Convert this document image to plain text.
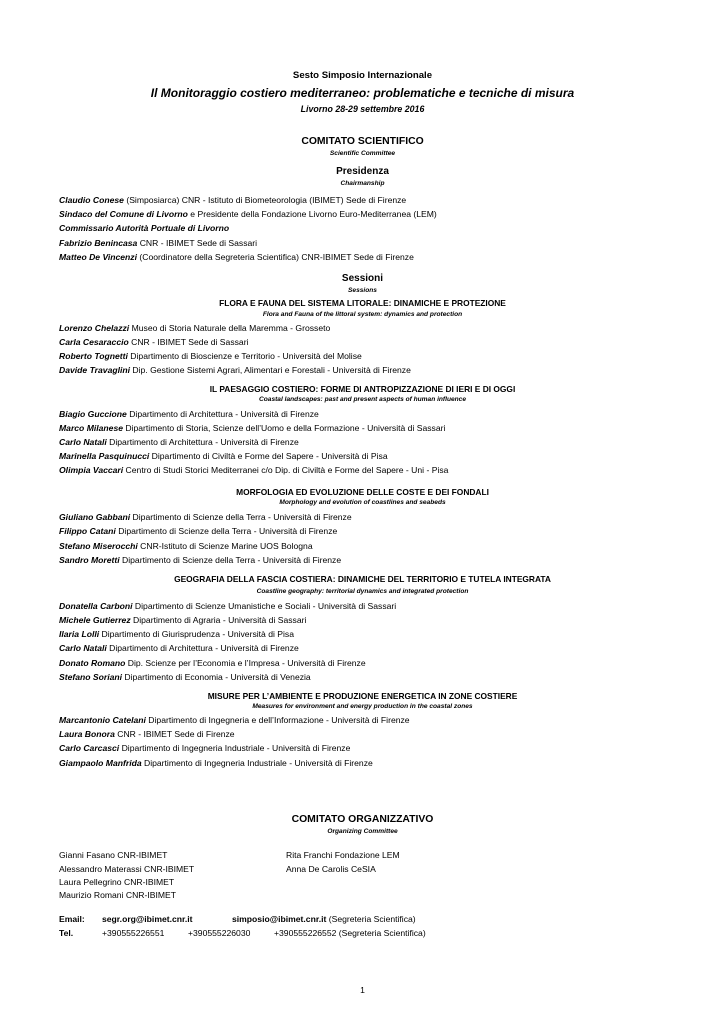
Sesto Simposio Internazionale
Il Monitoraggio costiero mediterraneo: problematiche e tecniche di misura
Livorno 28-29 settembre 2016
COMITATO SCIENTIFICO
Scientific Committee
Presidenza
Chairmanship
Claudio Conese (Simposiarca) CNR - Istituto di Biometeorologia (IBIMET) Sede di Firenze
Sindaco del Comune di Livorno e Presidente della Fondazione Livorno Euro-Mediterranea (LEM)
Commissario Autorità Portuale di Livorno
Fabrizio Benincasa CNR - IBIMET Sede di Sassari
Matteo De Vincenzi (Coordinatore della Segreteria Scientifica) CNR-IBIMET Sede di Firenze
Sessioni
Sessions
FLORA E FAUNA DEL SISTEMA LITORALE: DINAMICHE E PROTEZIONE
Flora and Fauna of the littoral system: dynamics and protection
Lorenzo Chelazzi Museo di Storia Naturale della Maremma - Grosseto
Carla Cesaraccio CNR - IBIMET Sede di Sassari
Roberto Tognetti Dipartimento di Bioscienze e Territorio - Università del Molise
Davide Travaglini Dip. Gestione Sistemi Agrari, Alimentari e Forestali - Università di Firenze
IL PAESAGGIO COSTIERO: FORME DI ANTROPIZZAZIONE DI IERI E DI OGGI
Coastal landscapes: past and present aspects of human influence
Biagio Guccione Dipartimento di Architettura - Università di Firenze
Marco Milanese Dipartimento di Storia, Scienze dell’Uomo e della Formazione - Università di Sassari
Carlo Natali Dipartimento di Architettura - Università di Firenze
Marinella Pasquinucci Dipartimento di Civiltà e Forme del Sapere - Università di Pisa
Olimpia Vaccari Centro di Studi Storici Mediterranei c/o Dip. di Civiltà e Forme del Sapere - Uni - Pisa
MORFOLOGIA ED EVOLUZIONE DELLE COSTE E DEI FONDALI
Morphology and evolution of coastlines and seabeds
Giuliano Gabbani Dipartimento di Scienze della Terra - Università di Firenze
Filippo Catani Dipartimento di Scienze della Terra - Università di Firenze
Stefano Miserocchi CNR-Istituto di Scienze Marine UOS Bologna
Sandro Moretti Dipartimento di Scienze della Terra - Università di Firenze
GEOGRAFIA DELLA FASCIA COSTIERA: DINAMICHE DEL TERRITORIO E TUTELA INTEGRATA
Coastline geography: territorial dynamics and integrated protection
Donatella Carboni Dipartimento di Scienze Umanistiche e Sociali - Università di Sassari
Michele Gutierrez Dipartimento di Agraria - Università di Sassari
Ilaria Lolli Dipartimento di Giurisprudenza - Università di Pisa
Carlo Natali Dipartimento di Architettura - Università di Firenze
Donato Romano Dip. Scienze per l’Economia e l’Impresa - Università di Firenze
Stefano Soriani Dipartimento di Economia - Università di Venezia
MISURE PER L’AMBIENTE E PRODUZIONE ENERGETICA IN ZONE COSTIERE
Measures for environment and energy production in the coastal zones
Marcantonio Catelani Dipartimento di Ingegneria e dell’Informazione - Università di Firenze
Laura Bonora CNR - IBIMET Sede di Firenze
Carlo Carcasci Dipartimento di Ingegneria Industriale - Università di Firenze
Giampaolo Manfrida Dipartimento di Ingegneria Industriale - Università di Firenze
COMITATO ORGANIZZATIVO
Organizing Committee
Gianni Fasano CNR-IBIMET
Alessandro Materassi CNR-IBIMET
Laura Pellegrino CNR-IBIMET
Maurizio Romani CNR-IBIMET
Rita Franchi Fondazione LEM
Anna De Carolis CeSIA
Email: segr.org@ibimet.cnr.it	simposio@ibimet.cnr.it (Segreteria Scientifica)
Tel.	+390555226551	+390555226030	+390555226552 (Segreteria Scientifica)
1
